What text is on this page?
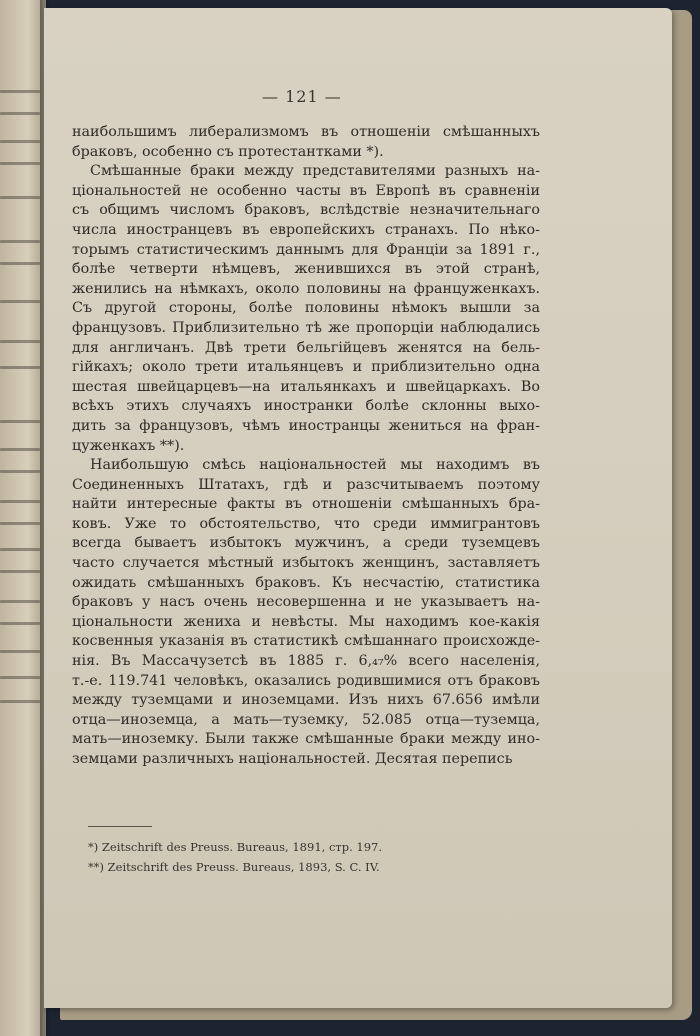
— 121 —
наибольшимъ либерализмомъ въ отношеніи смѣшанныхъ
браковъ, особенно съ протестантками *).
Смѣшанные браки между представителями разныхъ на-
ціональностей не особенно часты въ Европѣ въ сравненіи
съ общимъ числомъ браковъ, вслѣдствіе незначительнаго
числа иностранцевъ въ европейскихъ странахъ. По нѣко-
торымъ статистическимъ даннымъ для Франціи за 1891 г.,
болѣе четверти нѣмцевъ, женившихся въ этой странѣ,
женились на нѣмкахъ, около половины на француженкахъ.
Съ другой стороны, болѣе половины нѣмокъ вышли за
французовъ. Приблизительно тѣ же пропорціи наблюдались
для англичанъ. Двѣ трети бельгійцевъ женятся на бель-
гійкахъ; около трети итальянцевъ и приблизительно одна
шестая швейцарцевъ—на итальянкахъ и швейцаркахъ. Во
всѣхъ этихъ случаяхъ иностранки болѣе склонны выхо-
дить за французовъ, чѣмъ иностранцы жениться на фран-
цуженкахъ **).
Наибольшую смѣсь національностей мы находимъ въ
Соединенныхъ Штатахъ, гдѣ и разсчитываемъ поэтому
найти интересные факты въ отношеніи смѣшанныхъ бра-
ковъ. Уже то обстоятельство, что среди иммигрантовъ
всегда бываетъ избытокъ мужчинъ, а среди туземцевъ
часто случается мѣстный избытокъ женщинъ, заставляетъ
ожидать смѣшанныхъ браковъ. Къ несчастію, статистика
браковъ у насъ очень несовершенна и не указываетъ на-
ціональности жениха и невѣсты. Мы находимъ кое-какія
косвенныя указанія въ статистикѣ смѣшаннаго происхожде-
нія. Въ Массачузетсѣ въ 1885 г. 6,₄₇% всего населенія,
т.-е. 119.741 человѣкъ, оказались родившимися отъ браковъ
между туземцами и иноземцами. Изъ нихъ 67.656 имѣли
отца—иноземца, а мать—туземку, 52.085 отца—туземца,
мать—иноземку. Были также смѣшанные браки между ино-
земцами различныхъ національностей. Десятая перепись
*) Zeitschrift des Preuss. Bureaus, 1891, стр. 197.
**) Zeitschrift des Preuss. Bureaus, 1893, S. C. IV.
